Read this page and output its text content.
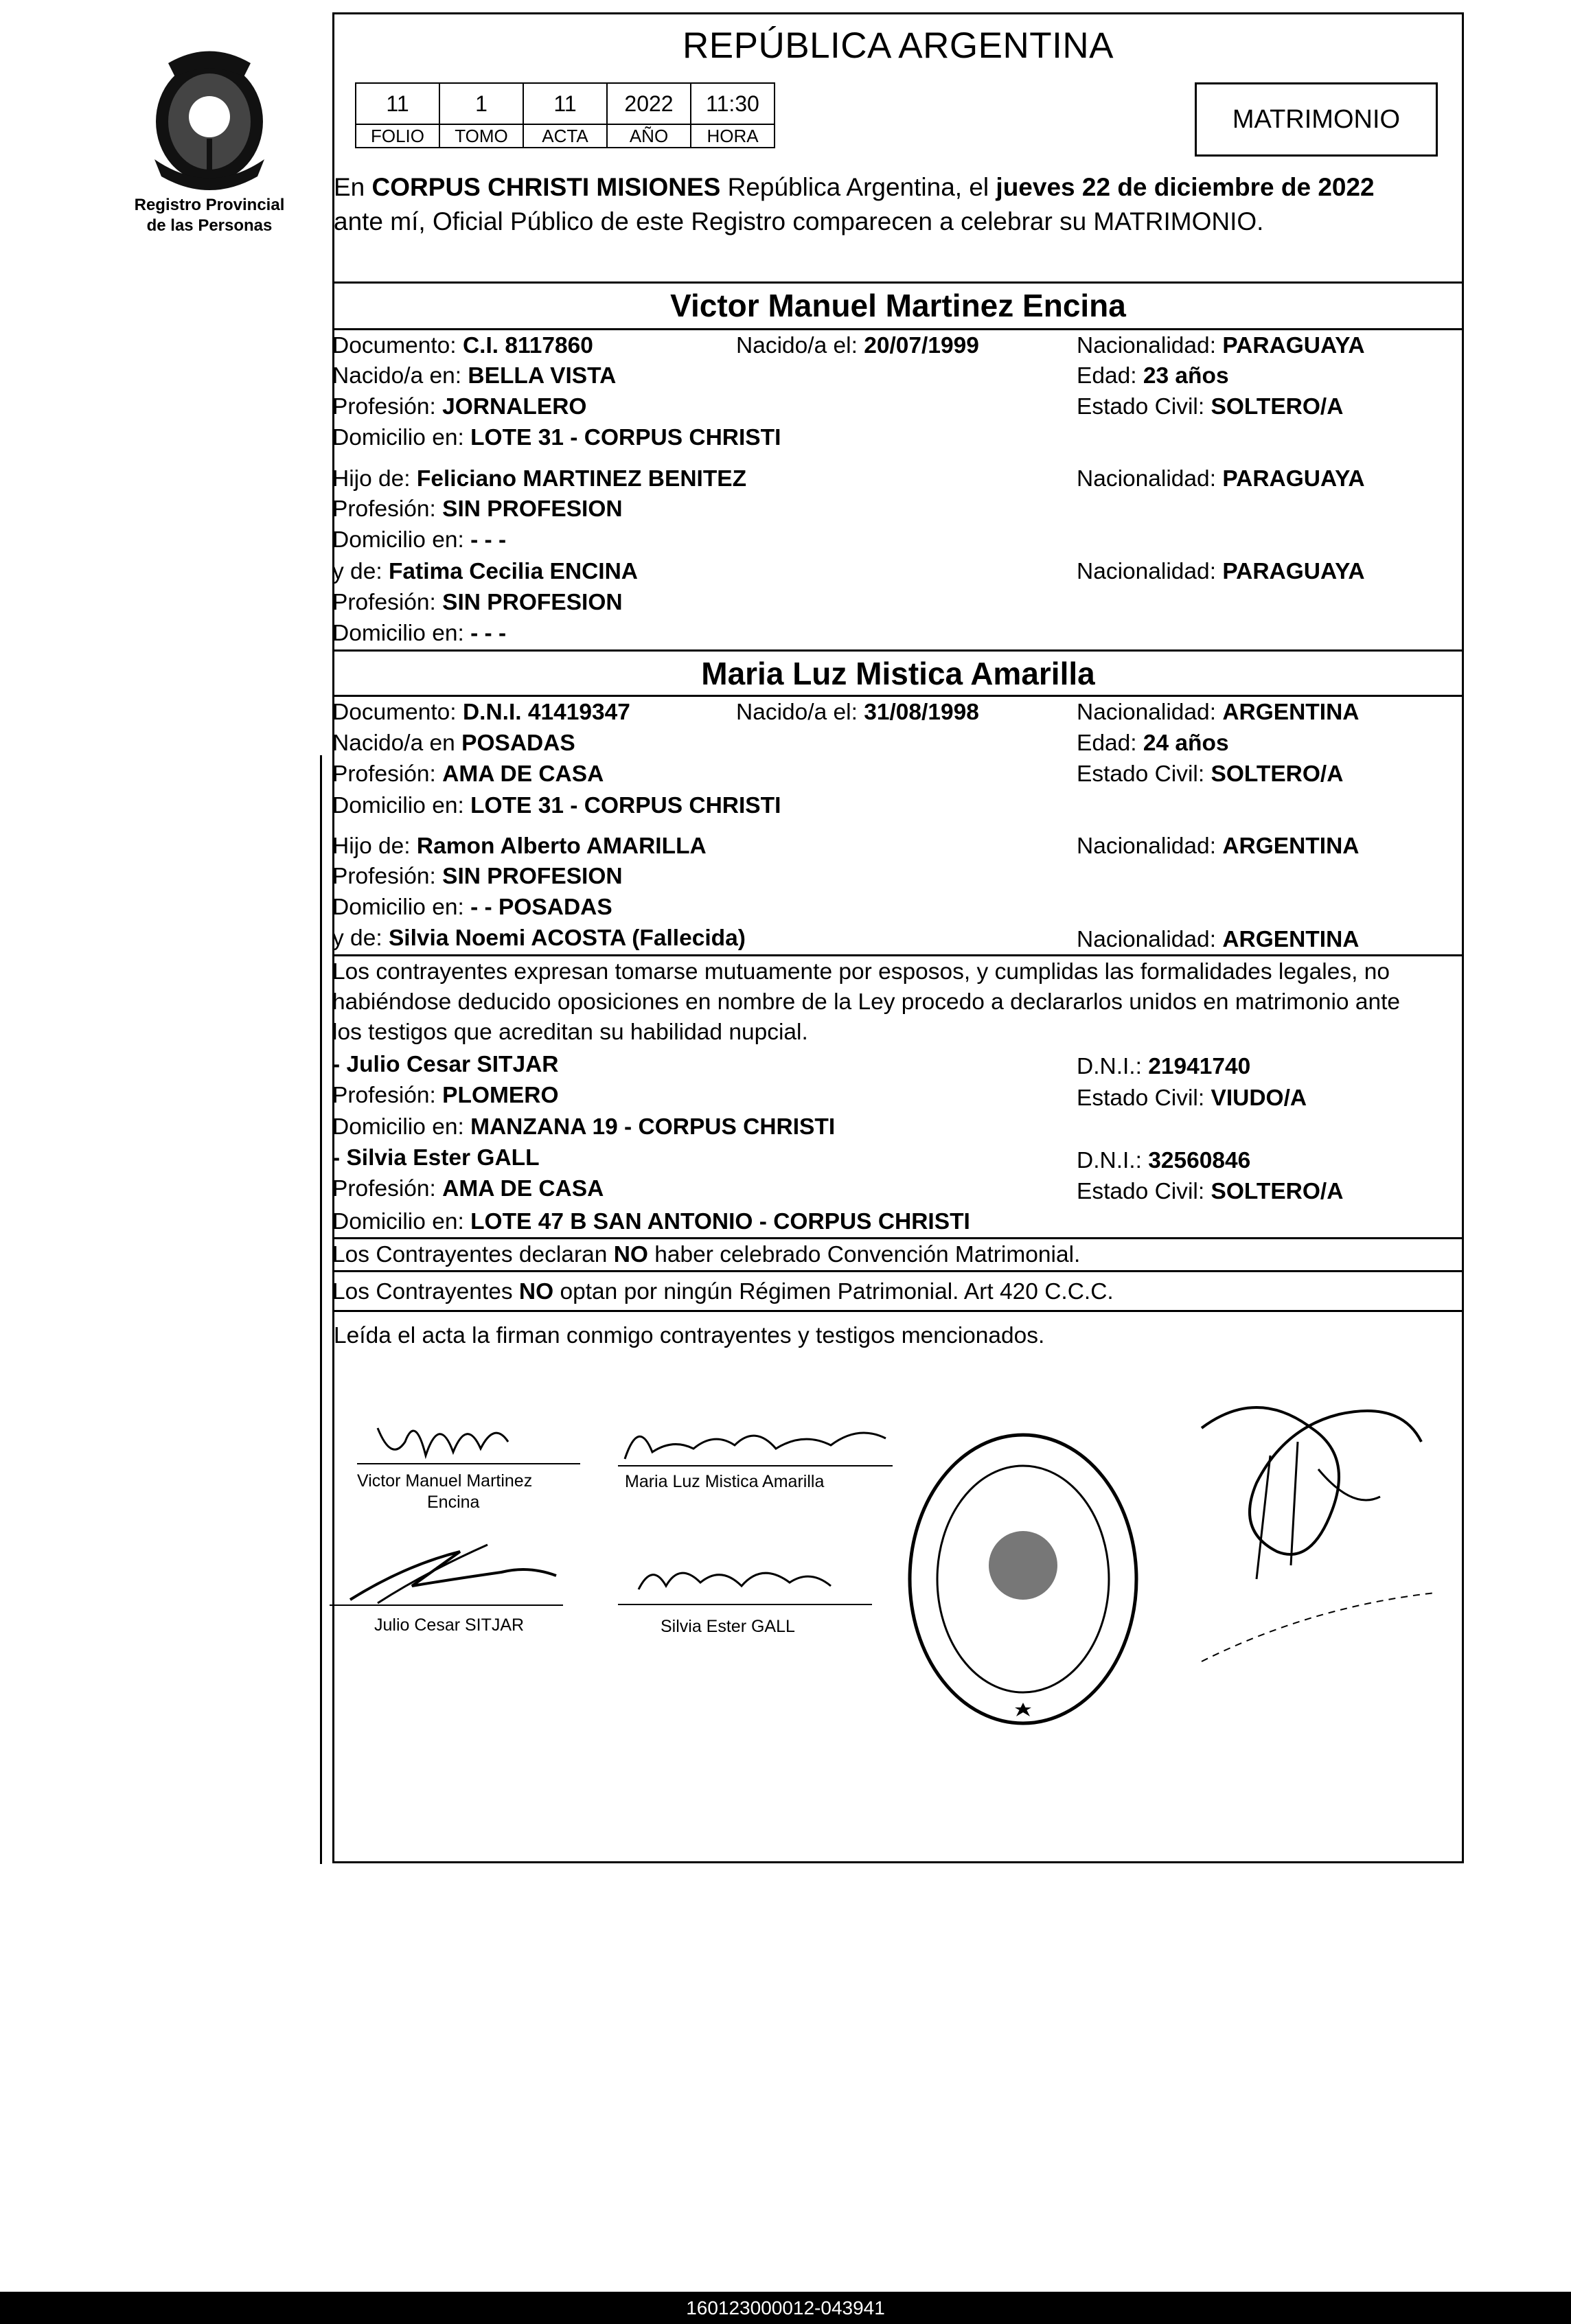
Registro Provincial
de las Personas
REPÚBLICA ARGENTINA
11	1	11	2022	11:30
FOLIO	TOMO	ACTA	AÑO	HORA
MATRIMONIO
En CORPUS CHRISTI MISIONES República Argentina, el jueves 22 de diciembre de 2022
ante mí, Oficial Público de este Registro comparecen a celebrar su MATRIMONIO.
Victor Manuel Martinez Encina
Documento: C.I. 8117860	Nacido/a el: 20/07/1999	Nacionalidad: PARAGUAYA
Nacido/a en: BELLA VISTA	Edad: 23 años
Profesión: JORNALERO	Estado Civil: SOLTERO/A
Domicilio en: LOTE 31 - CORPUS CHRISTI
Hijo de: Feliciano MARTINEZ BENITEZ	Nacionalidad: PARAGUAYA
Profesión: SIN PROFESION
Domicilio en: - - -
y de: Fatima Cecilia ENCINA	Nacionalidad: PARAGUAYA
Profesión: SIN PROFESION
Domicilio en: - - -
Maria Luz Mistica Amarilla
Documento: D.N.I. 41419347	Nacido/a el: 31/08/1998	Nacionalidad: ARGENTINA
Nacido/a en POSADAS	Edad: 24 años
Profesión: AMA DE CASA	Estado Civil: SOLTERO/A
Domicilio en: LOTE 31 - CORPUS CHRISTI
Hijo de: Ramon Alberto AMARILLA	Nacionalidad: ARGENTINA
Profesión: SIN PROFESION
Domicilio en: - - POSADAS
y de: Silvia Noemi ACOSTA (Fallecida)	Nacionalidad: ARGENTINA
Los contrayentes expresan tomarse mutuamente por esposos, y cumplidas las formalidades legales, no
habiéndose deducido oposiciones en nombre de la Ley procedo a declararlos unidos en matrimonio ante
los testigos que acreditan su habilidad nupcial.
- Julio Cesar SITJAR	D.N.I.: 21941740
Profesión: PLOMERO	Estado Civil: VIUDO/A
Domicilio en: MANZANA 19 - CORPUS CHRISTI
- Silvia Ester GALL	D.N.I.: 32560846
Profesión: AMA DE CASA	Estado Civil: SOLTERO/A
Domicilio en: LOTE 47 B SAN ANTONIO - CORPUS CHRISTI
Los Contrayentes declaran NO haber celebrado Convención Matrimonial.
Los Contrayentes NO optan por ningún Régimen Patrimonial. Art 420 C.C.C.
Leída el acta la firman conmigo contrayentes y testigos mencionados.
Victor Manuel Martinez
Encina
Maria Luz Mistica Amarilla
Julio Cesar SITJAR	Silvia Ester GALL
160123000012-043941
